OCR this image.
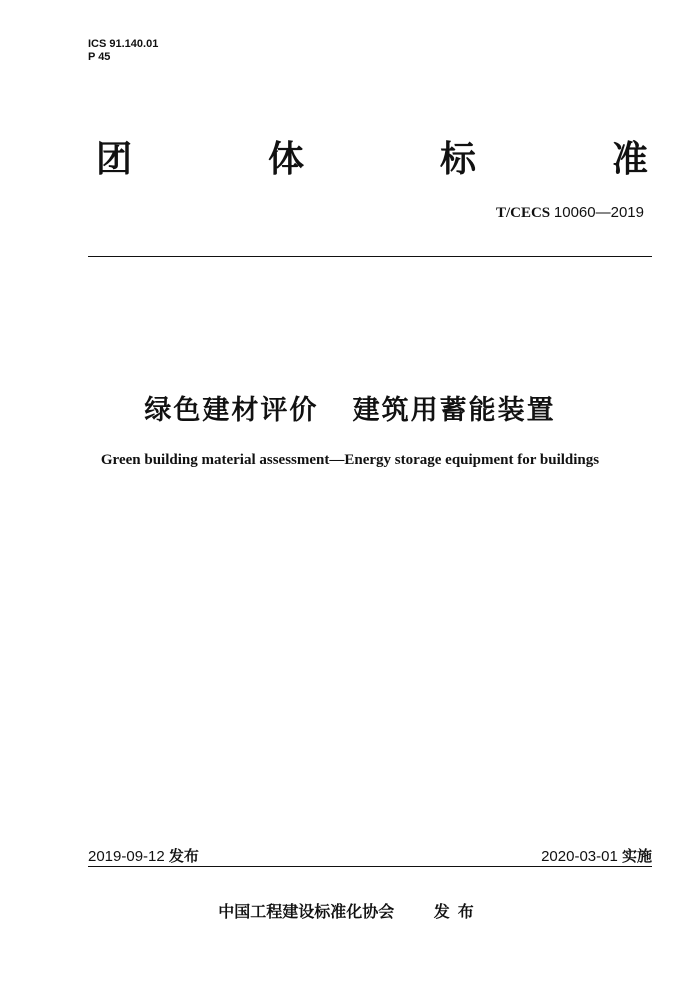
ICS 91.140.01
P 45
团	体	标	准
T/CECS 10060—2019
绿色建材评价   建筑用蓄能装置
Green building material assessment—Energy storage equipment for buildings
2019-09-12 发布	2020-03-01 实施
中国工程建设标准化协会 发布
